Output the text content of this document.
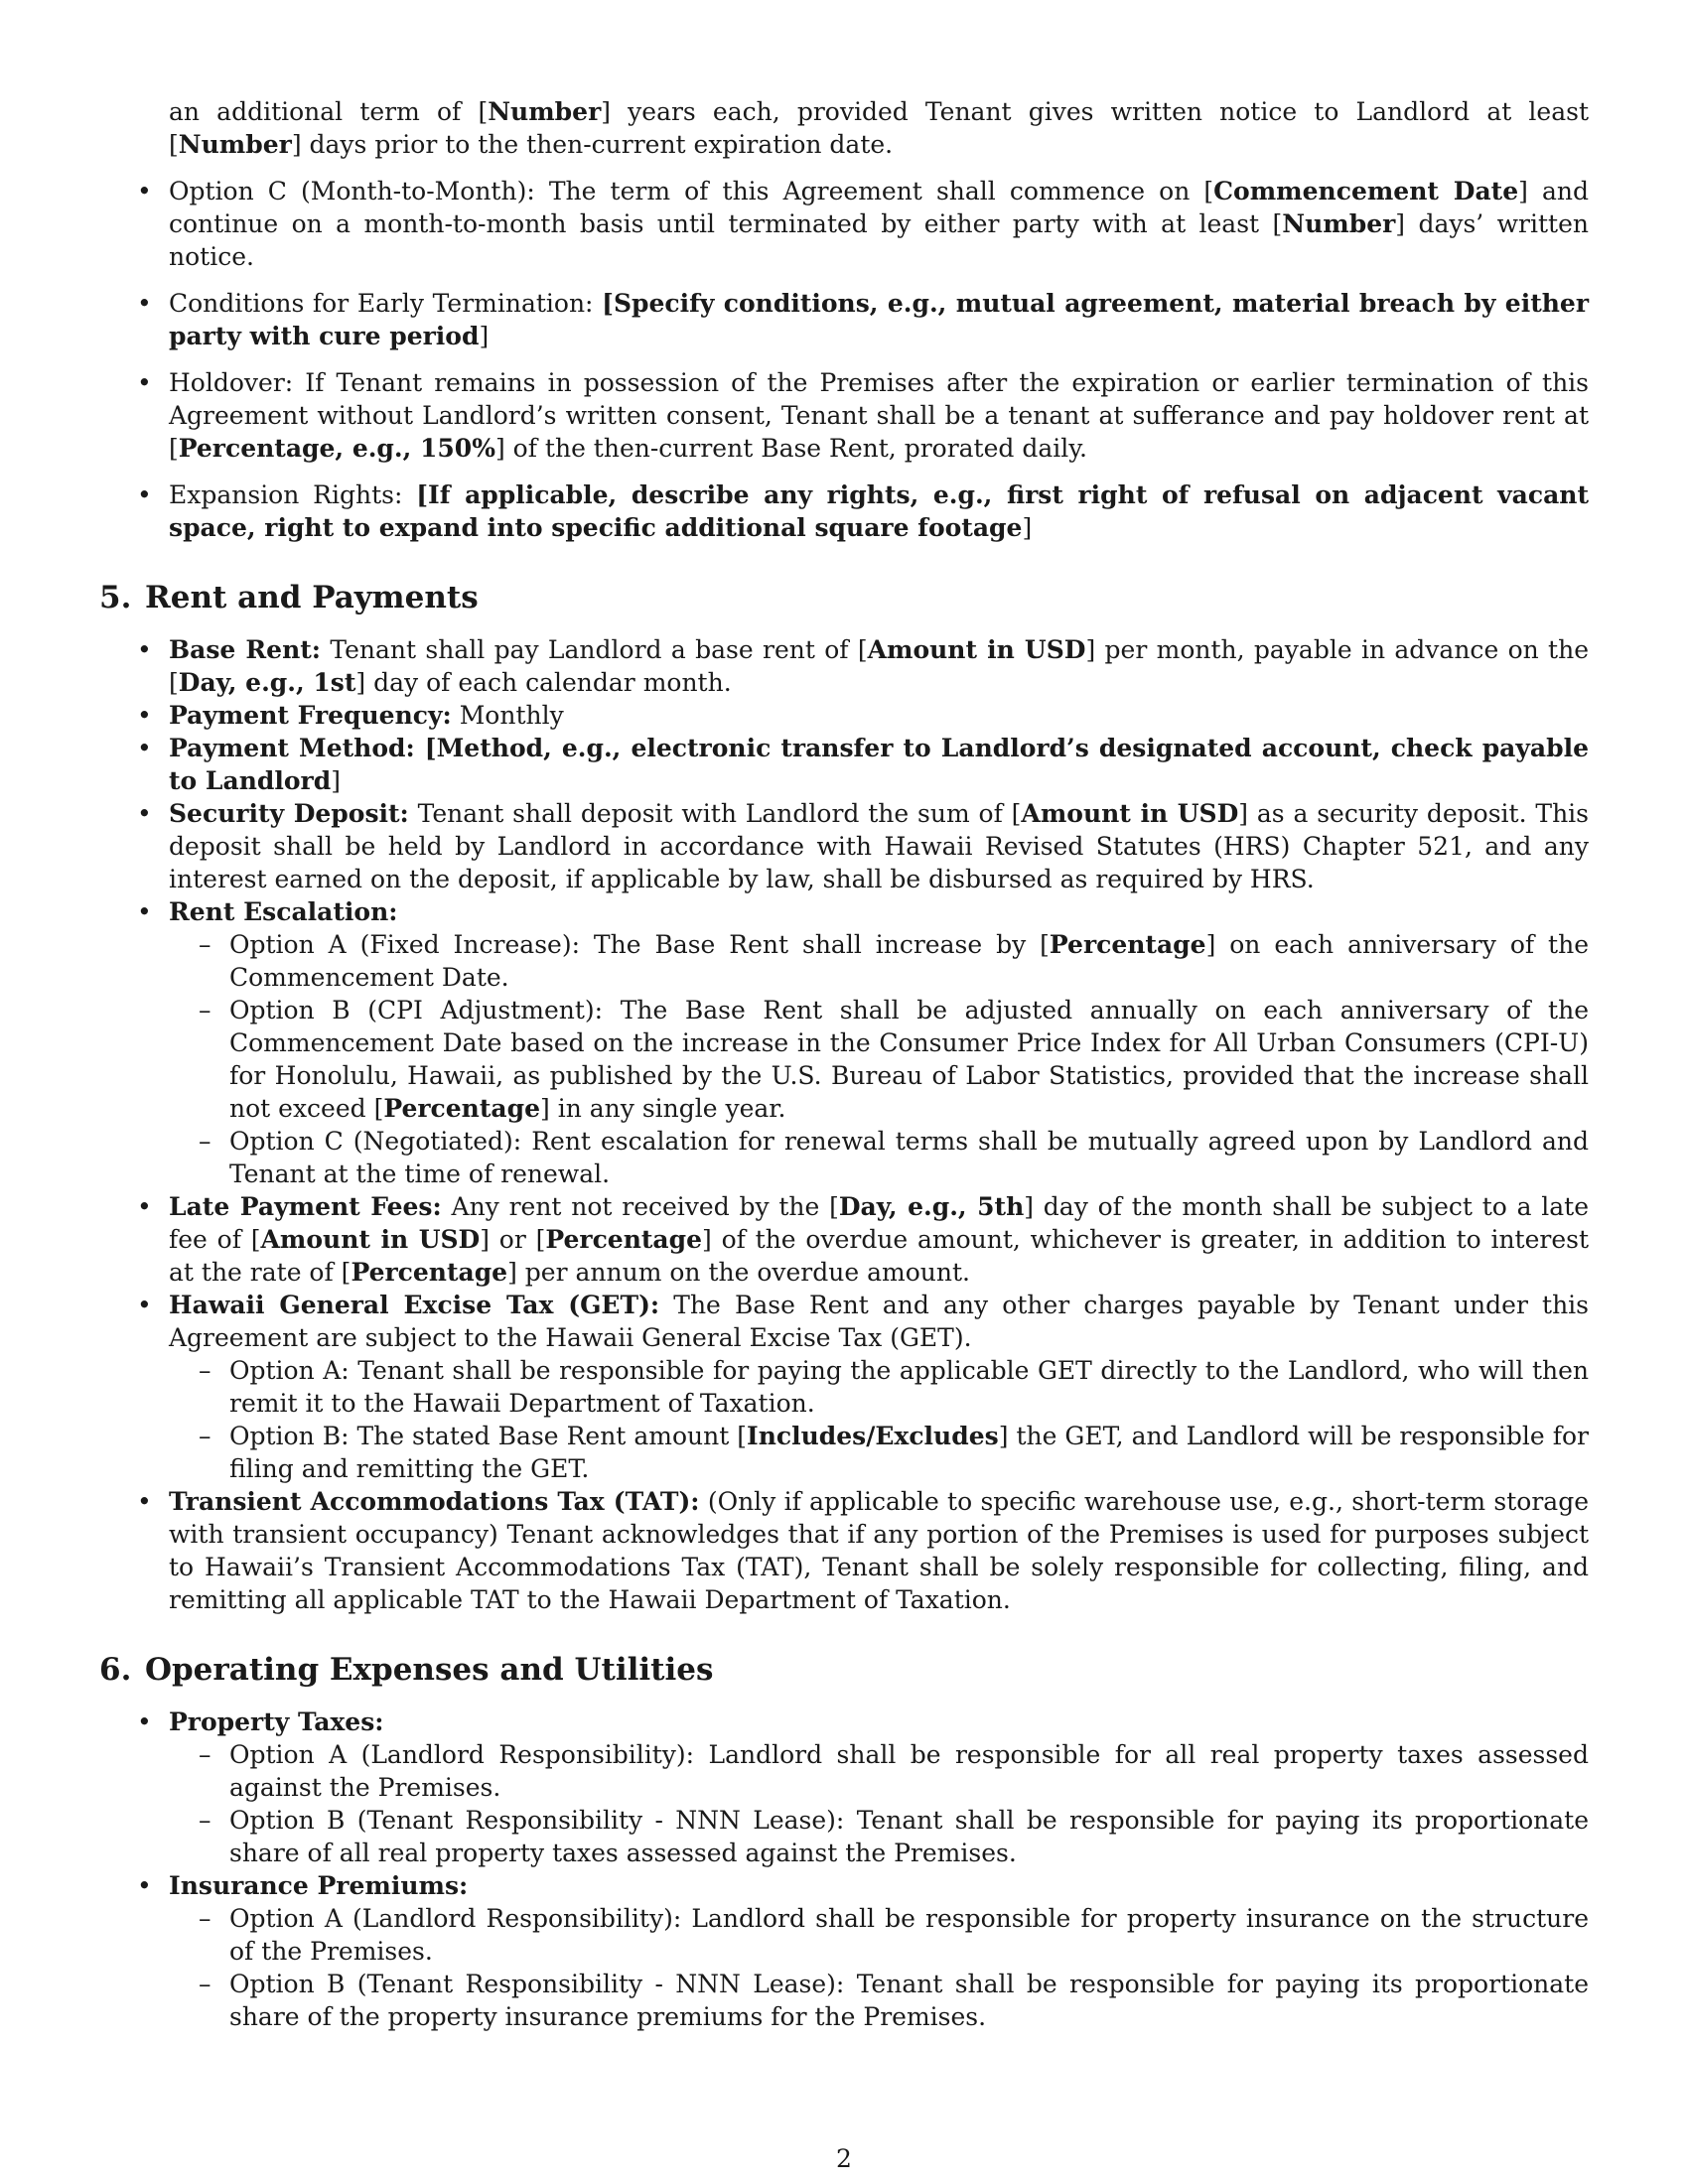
an additional term of [Number] years each, provided Tenant gives written notice to Landlord at least [Number] days prior to the then-current expiration date.

• Option C (Month-to-Month): The term of this Agreement shall commence on [Commencement Date] and continue on a month-to-month basis until terminated by either party with at least [Number] days’ written notice.
• Conditions for Early Termination: [Specify conditions, e.g., mutual agreement, material breach by either party with cure period]
• Holdover: If Tenant remains in possession of the Premises after the expiration or earlier termination of this Agreement without Landlord’s written consent, Tenant shall be a tenant at sufferance and pay holdover rent at [Percentage, e.g., 150%] of the then-current Base Rent, prorated daily.
• Expansion Rights: [If applicable, describe any rights, e.g., first right of refusal on adjacent vacant space, right to expand into specific additional square footage]
5. Rent and Payments
• Base Rent: Tenant shall pay Landlord a base rent of [Amount in USD] per month, payable in advance on the [Day, e.g., 1st] day of each calendar month.
• Payment Frequency: Monthly
• Payment Method: [Method, e.g., electronic transfer to Landlord’s designated account, check payable to Landlord]
• Security Deposit: Tenant shall deposit with Landlord the sum of [Amount in USD] as a security deposit. This deposit shall be held by Landlord in accordance with Hawaii Revised Statutes (HRS) Chapter 521, and any interest earned on the deposit, if applicable by law, shall be disbursed as required by HRS.
• Rent Escalation:
– Option A (Fixed Increase): The Base Rent shall increase by [Percentage] on each anniversary of the Commencement Date.
– Option B (CPI Adjustment): The Base Rent shall be adjusted annually on each anniversary of the Commencement Date based on the increase in the Consumer Price Index for All Urban Consumers (CPI-U) for Honolulu, Hawaii, as published by the U.S. Bureau of Labor Statistics, provided that the increase shall not exceed [Percentage] in any single year.
– Option C (Negotiated): Rent escalation for renewal terms shall be mutually agreed upon by Landlord and Tenant at the time of renewal.
• Late Payment Fees: Any rent not received by the [Day, e.g., 5th] day of the month shall be subject to a late fee of [Amount in USD] or [Percentage] of the overdue amount, whichever is greater, in addition to interest at the rate of [Percentage] per annum on the overdue amount.
• Hawaii General Excise Tax (GET): The Base Rent and any other charges payable by Tenant under this Agreement are subject to the Hawaii General Excise Tax (GET).
– Option A: Tenant shall be responsible for paying the applicable GET directly to the Landlord, who will then remit it to the Hawaii Department of Taxation.
– Option B: The stated Base Rent amount [Includes/Excludes] the GET, and Landlord will be responsible for filing and remitting the GET.
• Transient Accommodations Tax (TAT): (Only if applicable to specific warehouse use, e.g., short-term storage with transient occupancy) Tenant acknowledges that if any portion of the Premises is used for purposes subject to Hawaii’s Transient Accommodations Tax (TAT), Tenant shall be solely responsible for collecting, filing, and remitting all applicable TAT to the Hawaii Department of Taxation.
6. Operating Expenses and Utilities
• Property Taxes:
– Option A (Landlord Responsibility): Landlord shall be responsible for all real property taxes assessed against the Premises.
– Option B (Tenant Responsibility - NNN Lease): Tenant shall be responsible for paying its proportionate share of all real property taxes assessed against the Premises.
• Insurance Premiums:
– Option A (Landlord Responsibility): Landlord shall be responsible for property insurance on the structure of the Premises.
– Option B (Tenant Responsibility - NNN Lease): Tenant shall be responsible for paying its proportionate share of the property insurance premiums for the Premises.
2
